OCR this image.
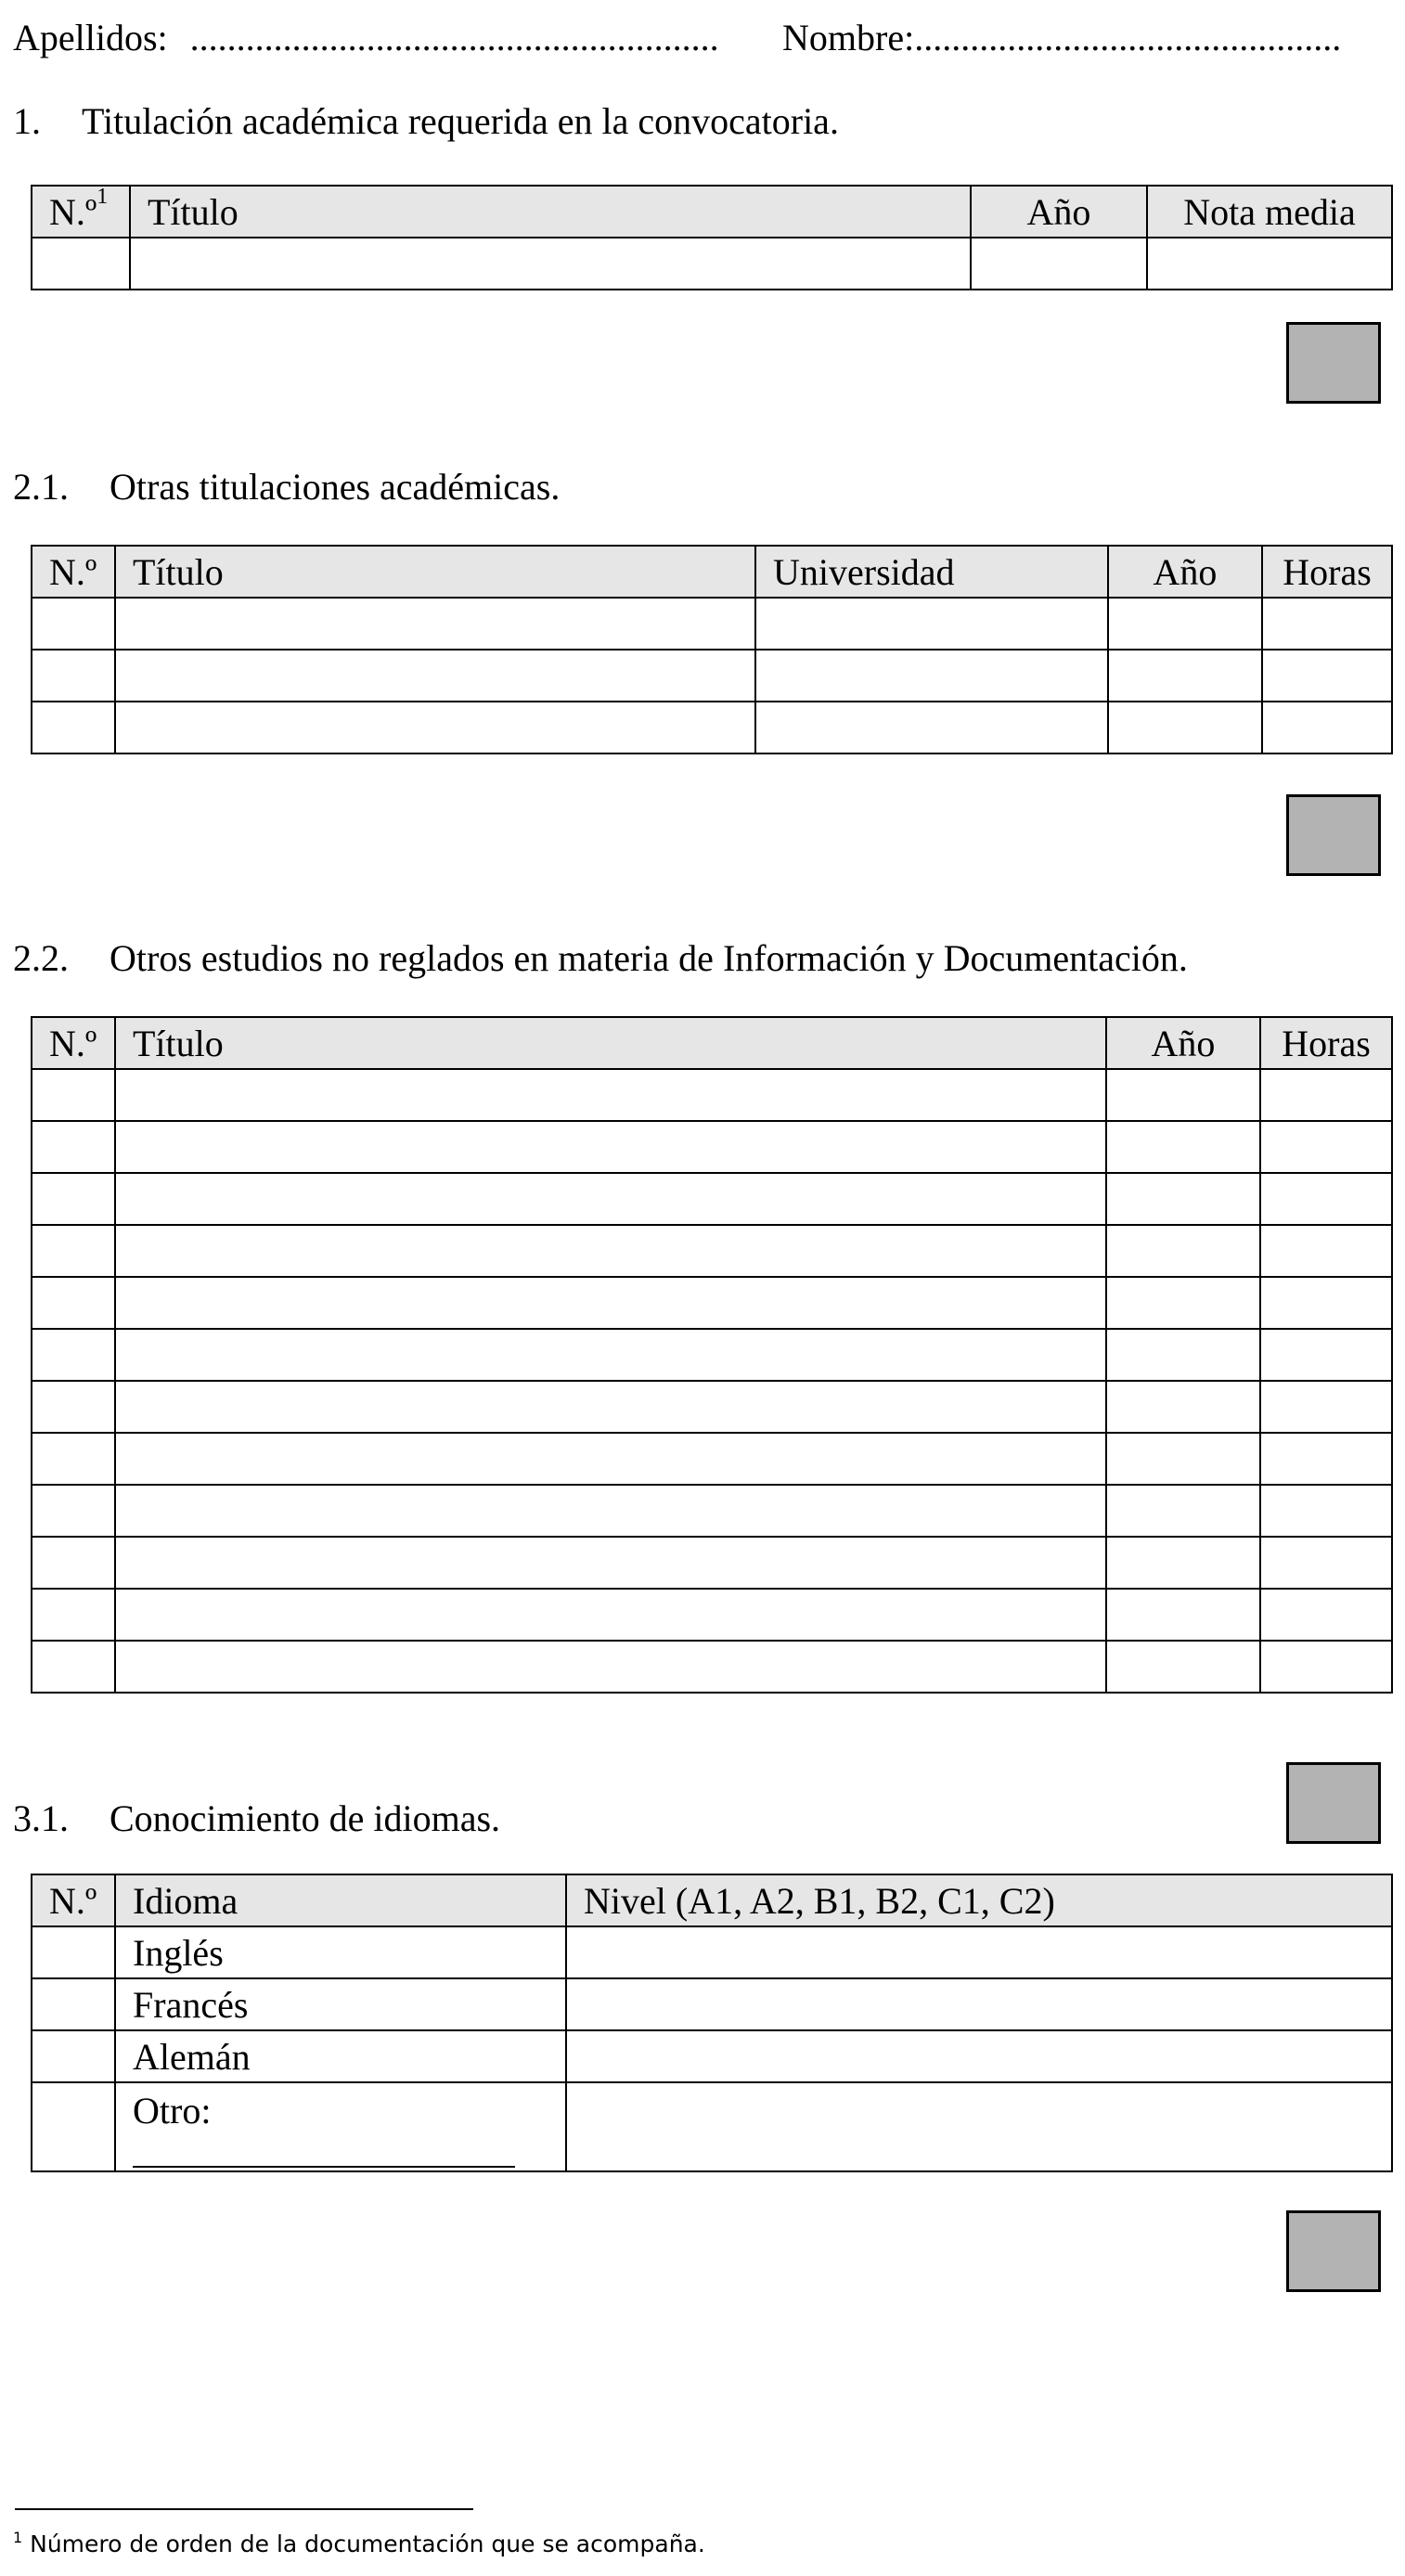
Apellidos: ......................................................... Nombre:..............................................
1. Titulación académica requerida en la convocatoria.
N.º$^1$	Título	Año	Nota media

2.1. Otras titulaciones académicas.
N.º	Título	Universidad	Año	Horas

2.2. Otros estudios no reglados en materia de Información y Documentación.
N.º	Título	Año	Horas

3.1. Conocimiento de idiomas.
N.º	Idioma	Nivel (A1, A2, B1, B2, C1, C2)
	Inglés	
	Francés	
	Alemán	
	Otro:

$^1$ Número de orden de la documentación que se acompaña.
